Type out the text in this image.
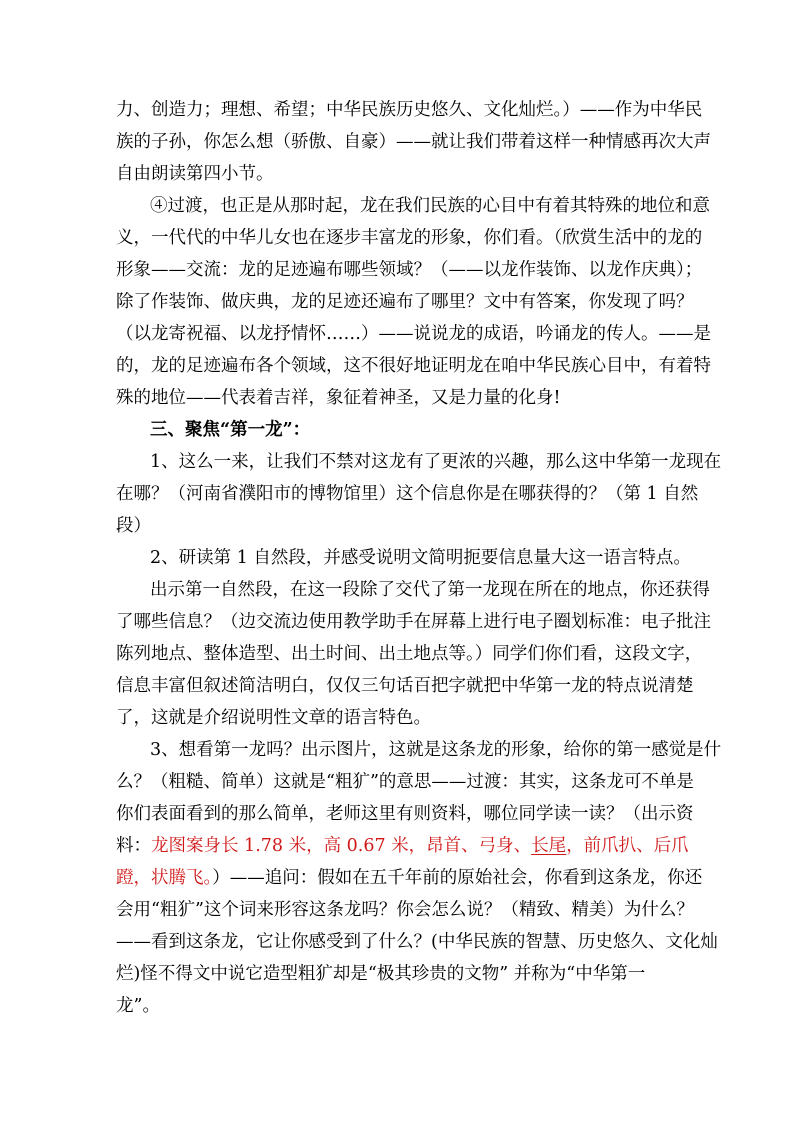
力、创造力；理想、希望；中华民族历史悠久、文化灿烂。）——作为中华民
族的子孙，你怎么想（骄傲、自豪）——就让我们带着这样一种情感再次大声
自由朗读第四小节。
④过渡，也正是从那时起，龙在我们民族的心目中有着其特殊的地位和意
义，一代代的中华儿女也在逐步丰富龙的形象，你们看。（欣赏生活中的龙的
形象——交流：龙的足迹遍布哪些领域？（——以龙作装饰、以龙作庆典）；
除了作装饰、做庆典，龙的足迹还遍布了哪里？文中有答案，你发现了吗？
（以龙寄祝福、以龙抒情怀……）——说说龙的成语，吟诵龙的传人。——是
的，龙的足迹遍布各个领域，这不很好地证明龙在咱中华民族心目中，有着特
殊的地位——代表着吉祥，象征着神圣，又是力量的化身!
三、聚焦“第一龙”：
1、这么一来，让我们不禁对这龙有了更浓的兴趣，那么这中华第一龙现在
在哪？（河南省濮阳市的博物馆里）这个信息你是在哪获得的？（第 1 自然
段）
2、研读第 1 自然段，并感受说明文简明扼要信息量大这一语言特点。
出示第一自然段，在这一段除了交代了第一龙现在所在的地点，你还获得
了哪些信息？（边交流边使用教学助手在屏幕上进行电子圈划标准：电子批注
陈列地点、整体造型、出土时间、出土地点等。）同学们你们看，这段文字，
信息丰富但叙述简洁明白，仅仅三句话百把字就把中华第一龙的特点说清楚
了，这就是介绍说明性文章的语言特色。
3、想看第一龙吗？出示图片，这就是这条龙的形象，给你的第一感觉是什
么？（粗糙、简单）这就是“粗犷”的意思——过渡：其实，这条龙可不单是
你们表面看到的那么简单，老师这里有则资料，哪位同学读一读？（出示资
料：龙图案身长 1.78 米，高 0.67 米，昂首、弓身、长尾，前爪扒、后爪
蹬，状腾飞。）——追问：假如在五千年前的原始社会，你看到这条龙，你还
会用“粗犷”这个词来形容这条龙吗？你会怎么说？（精致、精美）为什么？
——看到这条龙，它让你感受到了什么？(中华民族的智慧、历史悠久、文化灿
烂)怪不得文中说它造型粗犷却是“极其珍贵的文物” 并称为“中华第一
龙”。
